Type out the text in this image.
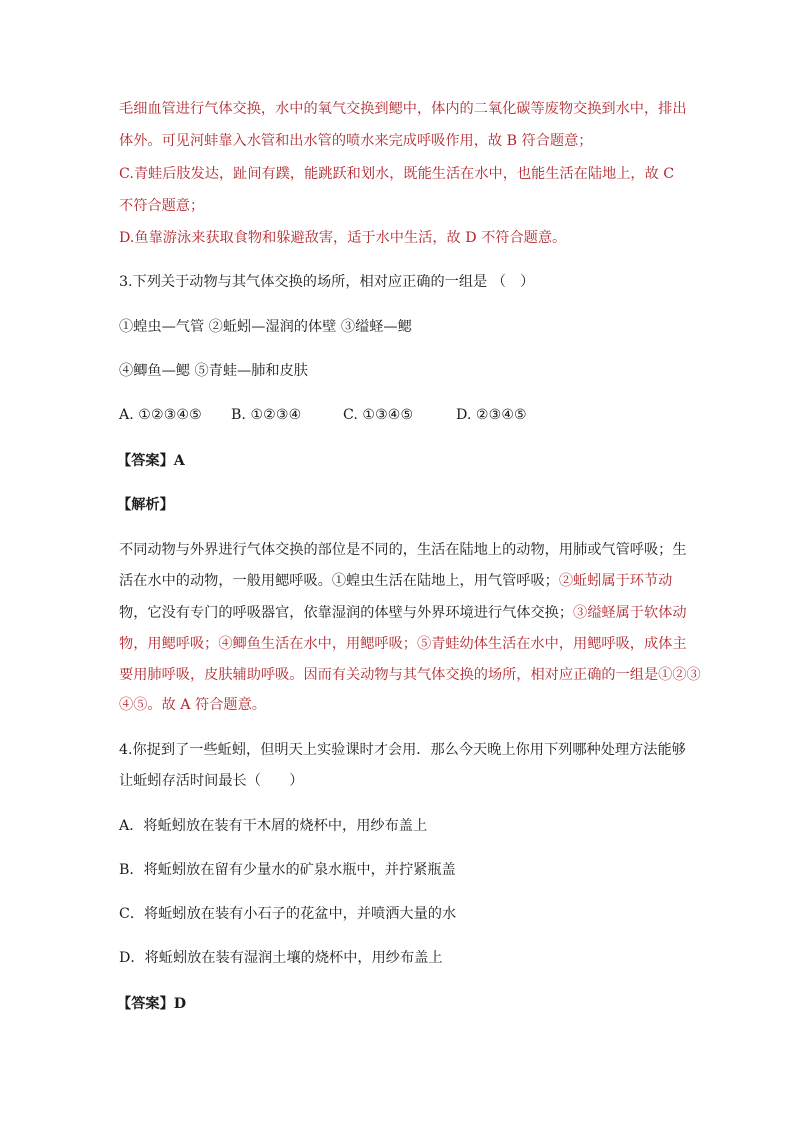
毛细血管进行气体交换，水中的氧气交换到鳃中，体内的二氧化碳等废物交换到水中，排出
体外。可见河蚌靠入水管和出水管的喷水来完成呼吸作用，故 B 符合题意；
C.青蛙后肢发达，趾间有蹼，能跳跃和划水，既能生活在水中，也能生活在陆地上，故 C
不符合题意；
D.鱼靠游泳来获取食物和躲避敌害，适于水中生活，故 D 不符合题意。
3.下列关于动物与其气体交换的场所，相对应正确的一组是 （　）
①蝗虫—气管 ②蚯蚓—湿润的体壁 ③缢蛏—鳃
④鲫鱼—鳃 ⑤青蛙—肺和皮肤
A. ①②③④⑤ B. ①②③④	C. ①③④⑤	D. ②③④⑤
【答案】A
【解析】
不同动物与外界进行气体交换的部位是不同的，生活在陆地上的动物，用肺或气管呼吸；生
活在水中的动物，一般用鳃呼吸。①蝗虫生活在陆地上，用气管呼吸；②蚯蚓属于环节动
物，它没有专门的呼吸器官，依靠湿润的体壁与外界环境进行气体交换；③缢蛏属于软体动
物，用鳃呼吸；④鲫鱼生活在水中，用鳃呼吸；⑤青蛙幼体生活在水中，用鳃呼吸，成体主
要用肺呼吸，皮肤辅助呼吸。因而有关动物与其气体交换的场所，相对应正确的一组是①②③
④⑤。故 A 符合题意。
4.你捉到了一些蚯蚓，但明天上实验课时才会用．那么今天晚上你用下列哪种处理方法能够
让蚯蚓存活时间最长（　　）
A．将蚯蚓放在装有干木屑的烧杯中，用纱布盖上
B．将蚯蚓放在留有少量水的矿泉水瓶中，并拧紧瓶盖
C．将蚯蚓放在装有小石子的花盆中，并喷洒大量的水
D．将蚯蚓放在装有湿润土壤的烧杯中，用纱布盖上
【答案】D
